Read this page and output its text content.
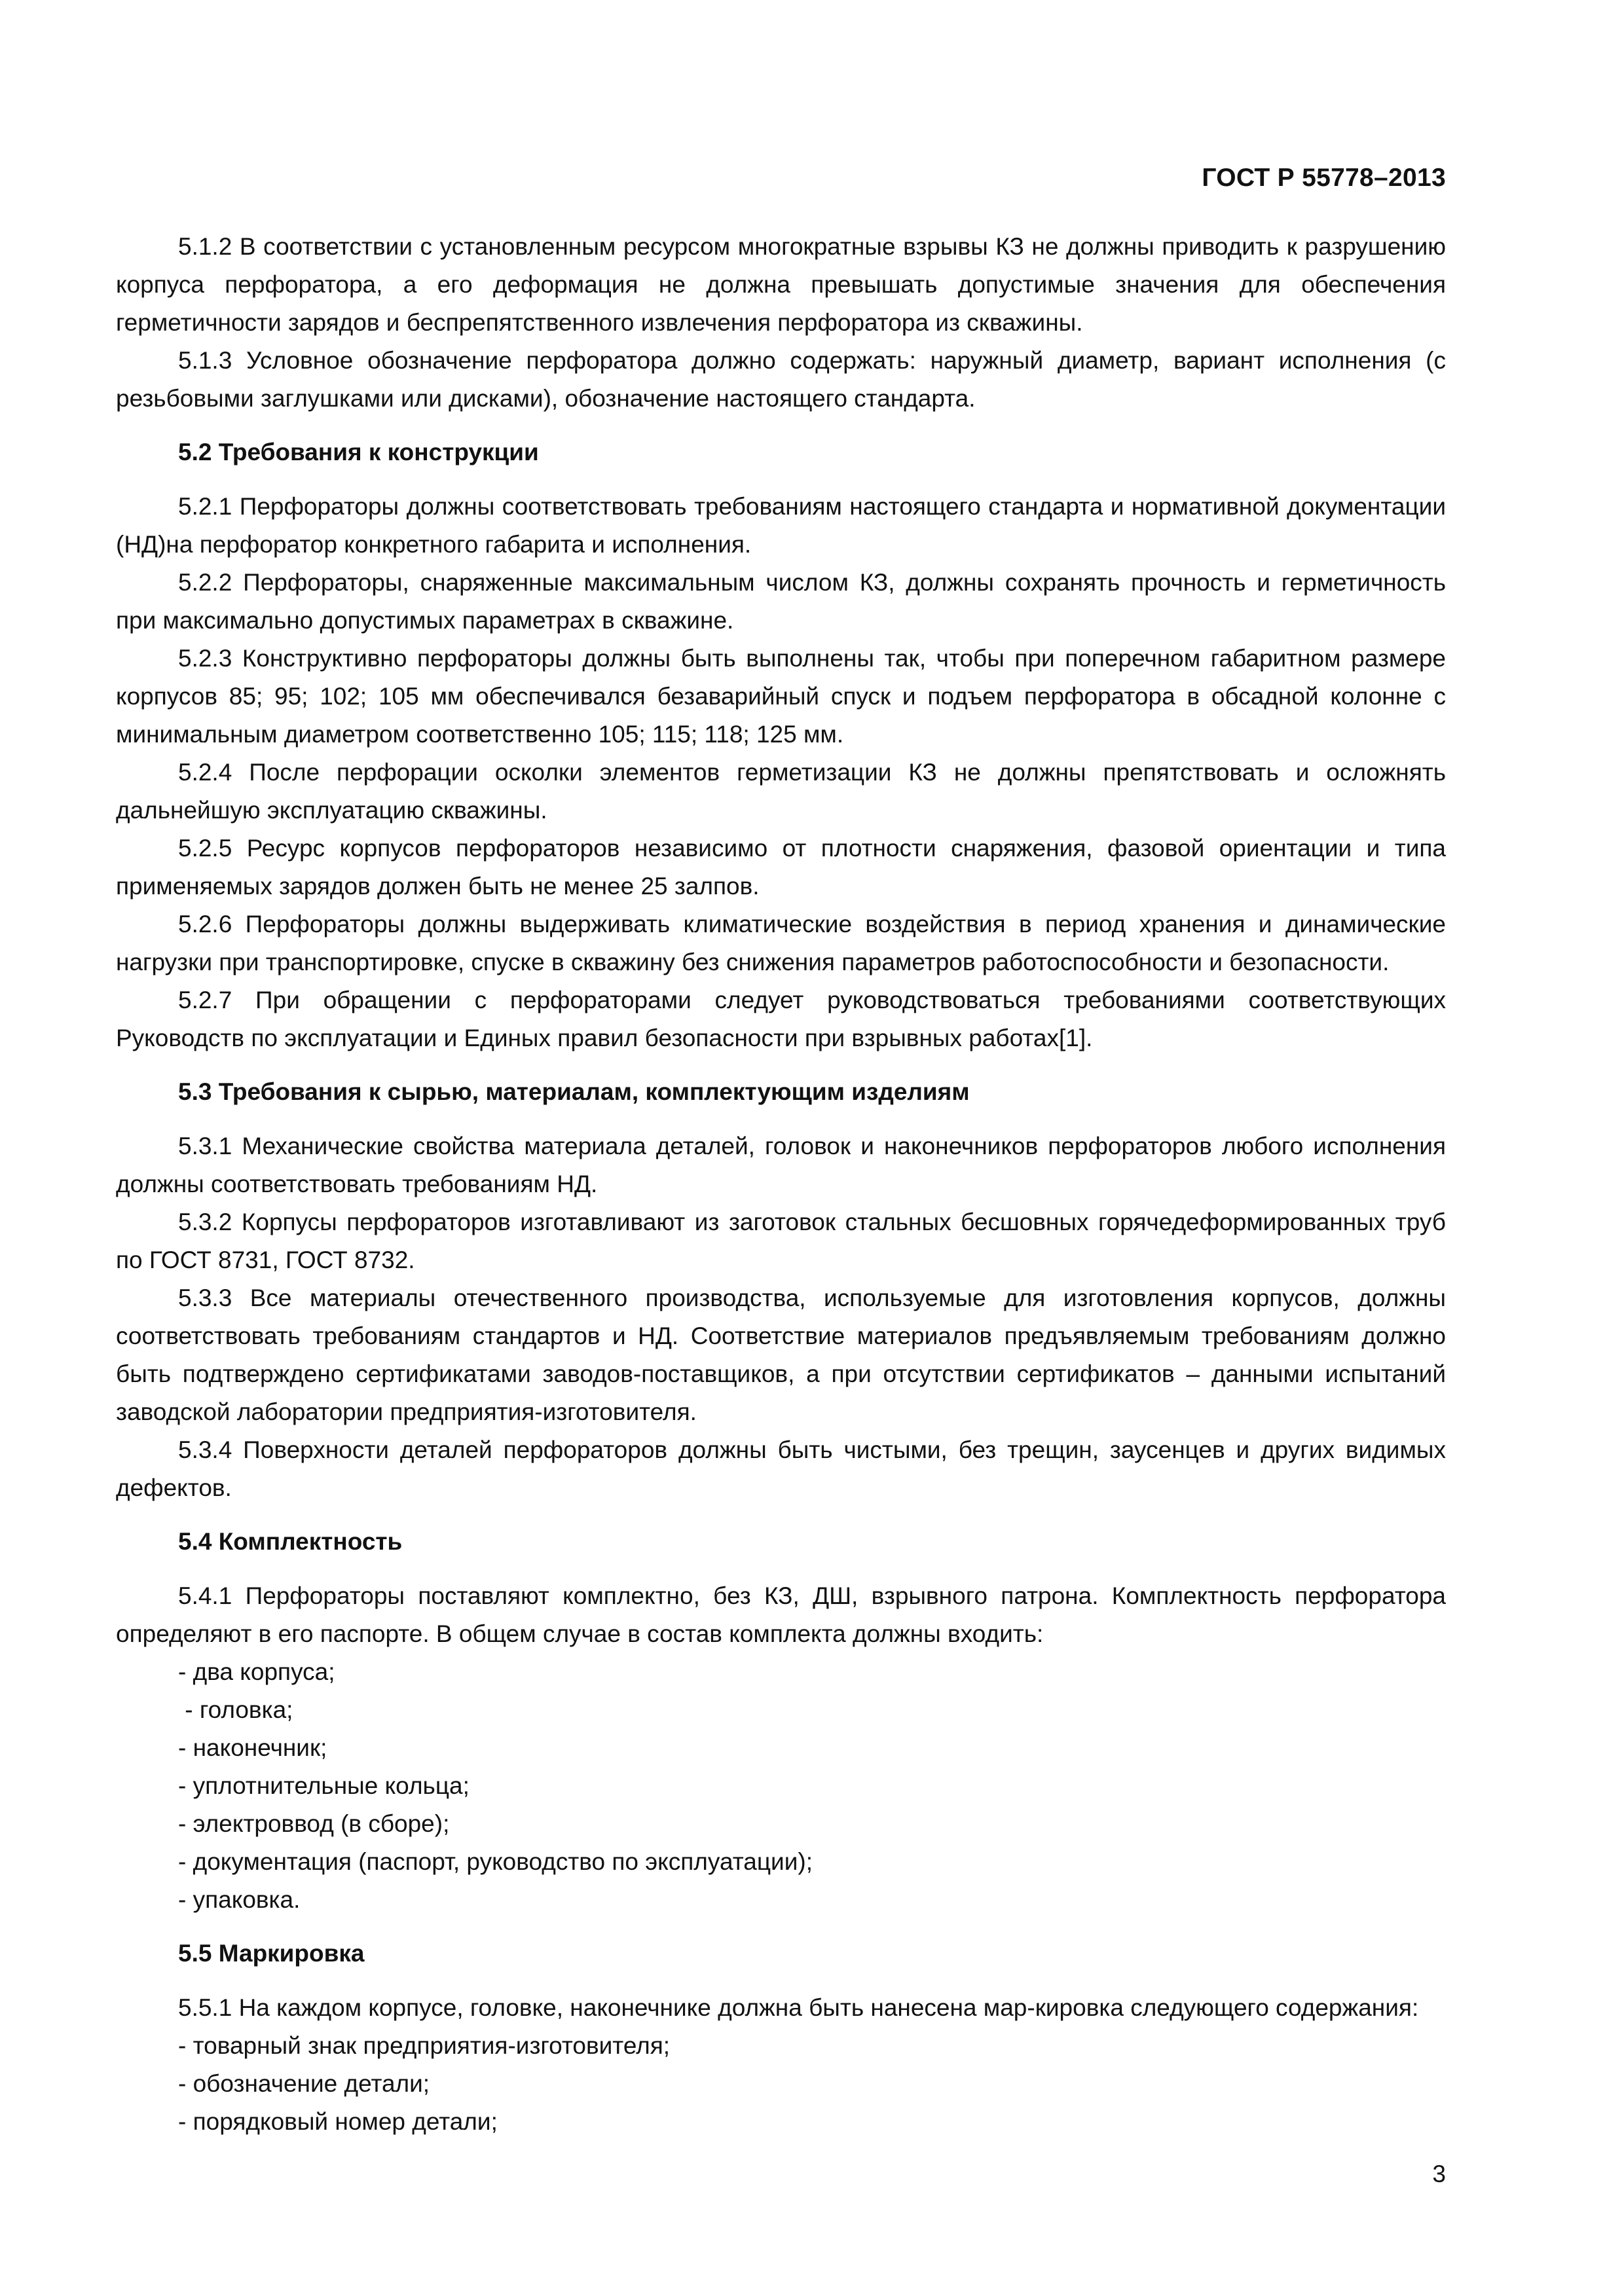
ГОСТ Р 55778–2013

5.1.2 В соответствии с установленным ресурсом многократные взрывы КЗ не должны приводить к разрушению корпуса перфоратора, а его деформация не должна превышать допустимые значения для обеспечения герметичности зарядов и беспрепятственного извлечения перфоратора из скважины.

5.1.3 Условное обозначение перфоратора должно содержать: наружный диаметр, вариант исполнения (с резьбовыми заглушками или дисками), обозначение настоящего стандарта.

5.2 Требования к конструкции

5.2.1 Перфораторы должны соответствовать требованиям настоящего стандарта и нормативной документации (НД)на перфоратор конкретного габарита и исполнения.

5.2.2 Перфораторы, снаряженные максимальным числом КЗ, должны сохранять прочность и герметичность при максимально допустимых параметрах в скважине.

5.2.3 Конструктивно перфораторы должны быть выполнены так, чтобы при поперечном габаритном размере корпусов 85; 95; 102; 105 мм обеспечивался безаварийный спуск и подъем перфоратора в обсадной колонне с минимальным диаметром соответственно 105; 115; 118; 125 мм.

5.2.4 После перфорации осколки элементов герметизации КЗ не должны препятствовать и осложнять дальнейшую эксплуатацию скважины.

5.2.5 Ресурс корпусов перфораторов независимо от плотности снаряжения, фазовой ориентации и типа применяемых зарядов должен быть не менее 25 залпов.

5.2.6 Перфораторы должны выдерживать климатические воздействия в период хранения и динамические нагрузки при транспортировке, спуске в скважину без снижения параметров работоспособности и безопасности.

5.2.7 При обращении с перфораторами следует руководствоваться требованиями соответствующих Руководств по эксплуатации и Единых правил безопасности при взрывных работах[1].

5.3 Требования к сырью, материалам, комплектующим изделиям

5.3.1 Механические свойства материала деталей, головок и наконечников перфораторов любого исполнения должны соответствовать требованиям НД.

5.3.2 Корпусы перфораторов изготавливают из заготовок стальных бесшовных горячедеформированных труб по ГОСТ 8731, ГОСТ 8732.

5.3.3 Все материалы отечественного производства, используемые для изготовления корпусов, должны соответствовать требованиям стандартов и НД. Соответствие материалов предъявляемым требованиям должно быть подтверждено сертификатами заводов-поставщиков, а при отсутствии сертификатов – данными испытаний заводской лаборатории предприятия-изготовителя.

5.3.4 Поверхности деталей перфораторов должны быть чистыми, без трещин, заусенцев и других видимых дефектов.

5.4 Комплектность

5.4.1 Перфораторы поставляют комплектно, без КЗ, ДШ, взрывного патрона. Комплектность перфоратора определяют в его паспорте. В общем случае в состав комплекта должны входить:

- два корпуса;
- головка;
- наконечник;
- уплотнительные кольца;
- электроввод (в сборе);
- документация (паспорт, руководство по эксплуатации);
- упаковка.
5.5 Маркировка

5.5.1 На каждом корпусе, головке, наконечнике должна быть нанесена мар-кировка следующего содержания:

- товарный знак предприятия-изготовителя;
- обозначение детали;
- порядковый номер детали;
3
